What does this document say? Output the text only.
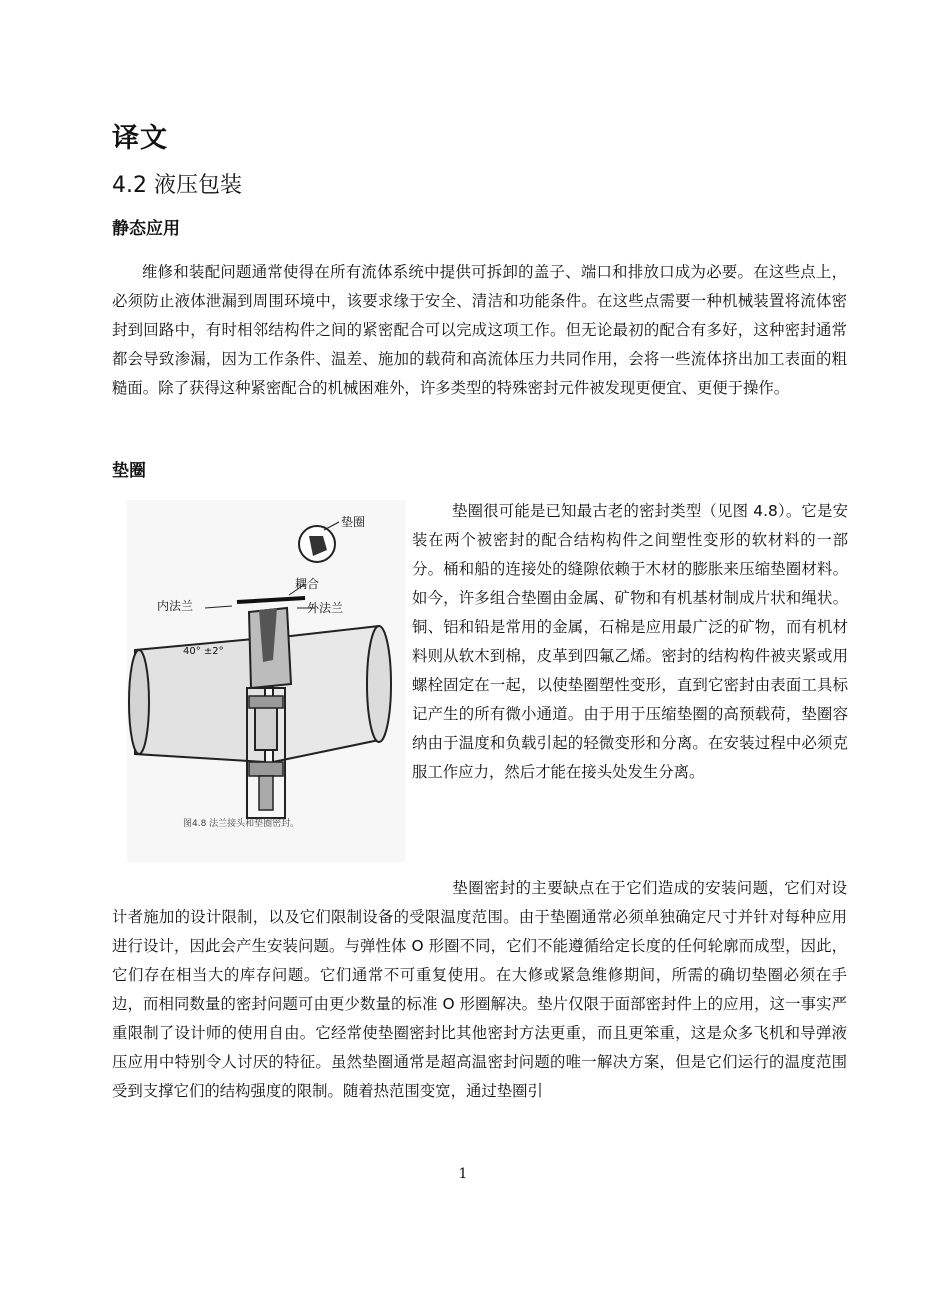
译文
4.2 液压包装
静态应用

维修和装配问题通常使得在所有流体系统中提供可拆卸的盖子、端口和排放口成为必要。在这些点上，必须防止液体泄漏到周围环境中，该要求缘于安全、清洁和功能条件。在这些点需要一种机械装置将流体密封到回路中，有时相邻结构件之间的紧密配合可以完成这项工作。但无论最初的配合有多好，这种密封通常都会导致渗漏，因为工作条件、温差、施加的载荷和高流体压力共同作用，会将一些流体挤出加工表面的粗糙面。除了获得这种紧密配合的机械困难外，许多类型的特殊密封元件被发现更便宜、更便于操作。

垫圈
垫圈
内法兰
耦合
外法兰
40° ±2°
图4.8 法兰接头和垫圈密封。

垫圈很可能是已知最古老的密封类型（见图 4.8）。它是安装在两个被密封的配合结构构件之间塑性变形的软材料的一部分。桶和船的连接处的缝隙依赖于木材的膨胀来压缩垫圈材料。如今，许多组合垫圈由金属、矿物和有机基材制成片状和绳状。铜、铝和铅是常用的金属，石棉是应用最广泛的矿物，而有机材料则从软木到棉，皮革到四氟乙烯。密封的结构构件被夹紧或用螺栓固定在一起，以使垫圈塑性变形，直到它密封由表面工具标记产生的所有微小通道。由于用于压缩垫圈的高预载荷，垫圈容纳由于温度和负载引起的轻微变形和分离。在安装过程中必须克服工作应力，然后才能在接头处发生分离。

垫圈密封的主要缺点在于它们造成的安装问题，它们对设计者施加的设计限制，以及它们限制设备的受限温度范围。由于垫圈通常必须单独确定尺寸并针对每种应用进行设计，因此会产生安装问题。与弹性体 O 形圈不同，它们不能遵循给定长度的任何轮廓而成型，因此，它们存在相当大的库存问题。它们通常不可重复使用。在大修或紧急维修期间，所需的确切垫圈必须在手边，而相同数量的密封问题可由更少数量的标准 O 形圈解决。垫片仅限于面部密封件上的应用，这一事实严重限制了设计师的使用自由。它经常使垫圈密封比其他密封方法更重，而且更笨重，这是众多飞机和导弹液压应用中特别令人讨厌的特征。虽然垫圈通常是超高温密封问题的唯一解决方案，但是它们运行的温度范围受到支撑它们的结构强度的限制。随着热范围变宽，通过垫圈引

1
